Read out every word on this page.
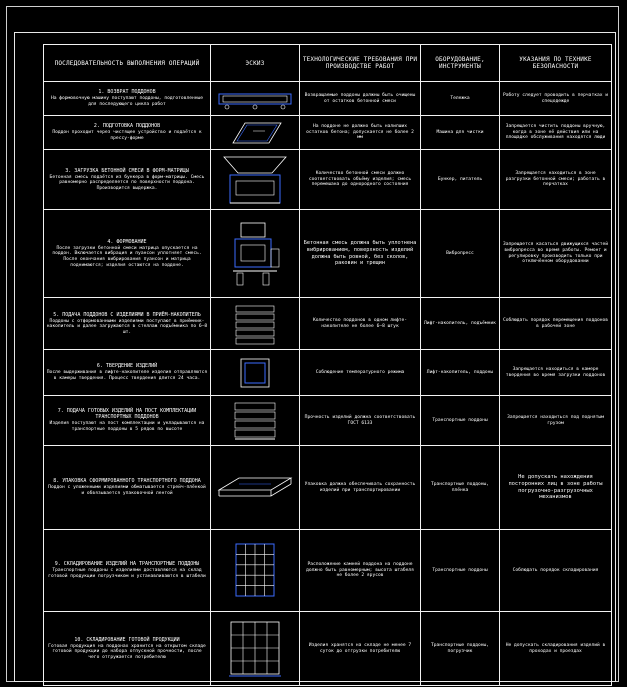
ПОСЛЕДОВАТЕЛЬНОСТЬ ВЫПОЛНЕНИЯ ОПЕРАЦИЙ	ЭСКИЗ	ТЕХНОЛОГИЧЕСКИЕ ТРЕБОВАНИЯ ПРИ ПРОИЗВОДСТВЕ РАБОТ	ОБОРУДОВАНИЕ, ИНСТРУМЕНТЫ	УКАЗАНИЯ ПО ТЕХНИКЕ БЕЗОПАСНОСТИ

1. ВОЗВРАТ ПОДДОНОВ
На формовочную машину поступают поддоны, подготовленные для последующего цикла работ		Возвращаемые поддоны должны быть очищены от остатков бетонной смеси	Тележка	Работу следует проводить в перчатках и спецодежде

2. ПОДГОТОВКА ПОДДОНОВ
Поддон проходит через чистящее устройство и подаётся к прессу-форме		На поддоне не должно быть налипших остатков бетона; допускается не более 2 мм	Машина для чистки	Запрещается чистить поддоны вручную, когда в зоне её действия или на площадке обслуживания находятся люди

3. ЗАГРУЗКА БЕТОННОЙ СМЕСИ В ФОРМ-МАТРИЦЫ
Бетонная смесь подаётся из бункера в форм-матрицы. Смесь равномерно распределяется по поверхности поддона. Производится выдержка.		Количество бетонной смеси должно соответствовать объёму изделия; смесь перемешана до однородного состояния	Бункер, питатель	Запрещается находиться в зоне разгрузки бетонной смеси; работать в перчатках

4. ФОРМОВАНИЕ
После загрузки бетонной смеси матрица опускается на поддон. Включается вибрация и пуансон уплотняет смесь. После окончания вибрирования пуансон и матрица поднимаются; изделия остаются на поддоне.		Бетонная смесь должна быть уплотнена вибрированием, поверхность изделий должна быть ровной, без сколов, раковин и трещин	Вибропресс	Запрещается касаться движущихся частей вибропресса во время работы. Ремонт и регулировку производить только при отключённом оборудовании

5. ПОДАЧА ПОДДОНОВ С ИЗДЕЛИЯМИ В ПРИЁМ-НАКОПИТЕЛЬ
Поддоны с отформованными изделиями поступают в приёмник-накопитель и далее загружаются в стеллаж подъёмника по 6–8 шт.		Количество поддонов в одном лифте-накопителе не более 6–8 штук	Лифт-накопитель, подъёмник	Соблюдать порядок перемещения поддонов в рабочей зоне

6. ТВЕРДЕНИЕ ИЗДЕЛИЙ
После выдерживания в лифте-накопителе изделия отправляются в камеры твердения. Процесс твердения длится 24 часа.		Соблюдение температурного режима	Лифт-накопитель, поддоны	Запрещается находиться в камере твердения во время загрузки поддонов

7. ПОДАЧА ГОТОВЫХ ИЗДЕЛИЙ НА ПОСТ КОМПЛЕКТАЦИИ ТРАНСПОРТНЫХ ПОДДОНОВ
Изделия поступают на пост комплектации и укладываются на транспортные поддоны в 5 рядов по высоте		Прочность изделий должна соответствовать ГОСТ 6133	Транспортные поддоны	Запрещается находиться под поднятым грузом

8. УПАКОВКА СФОРМИРОВАННОГО ТРАНСПОРТНОГО ПОДДОНА
Поддон с уложенными изделиями обматывается стрейч-плёнкой и обвязывается упаковочной лентой		Упаковка должна обеспечивать сохранность изделий при транспортировании	Транспортные поддоны, плёнка	Не допускать нахождения посторонних лиц в зоне работы погрузочно-разгрузочных механизмов

9. СКЛАДИРОВАНИЕ ИЗДЕЛИЙ НА ТРАНСПОРТНЫЕ ПОДДОНЫ
Транспортные поддоны с изделиями доставляются на склад готовой продукции погрузчиком и устанавливаются в штабели		Расположение камней поддона на поддоне должно быть равномерным; высота штабеля не более 2 ярусов	Транспортные поддоны	Соблюдать порядок складирования

10. СКЛАДИРОВАНИЕ ГОТОВОЙ ПРОДУКЦИИ
Готовая продукция на поддонах хранится на открытом складе готовой продукции до набора отпускной прочности, после чего отгружается потребителю		Изделия хранятся на складе не менее 7 суток до отгрузки потребителю	Транспортные поддоны, погрузчик	Не допускать складирования изделий в проходах и проездах
